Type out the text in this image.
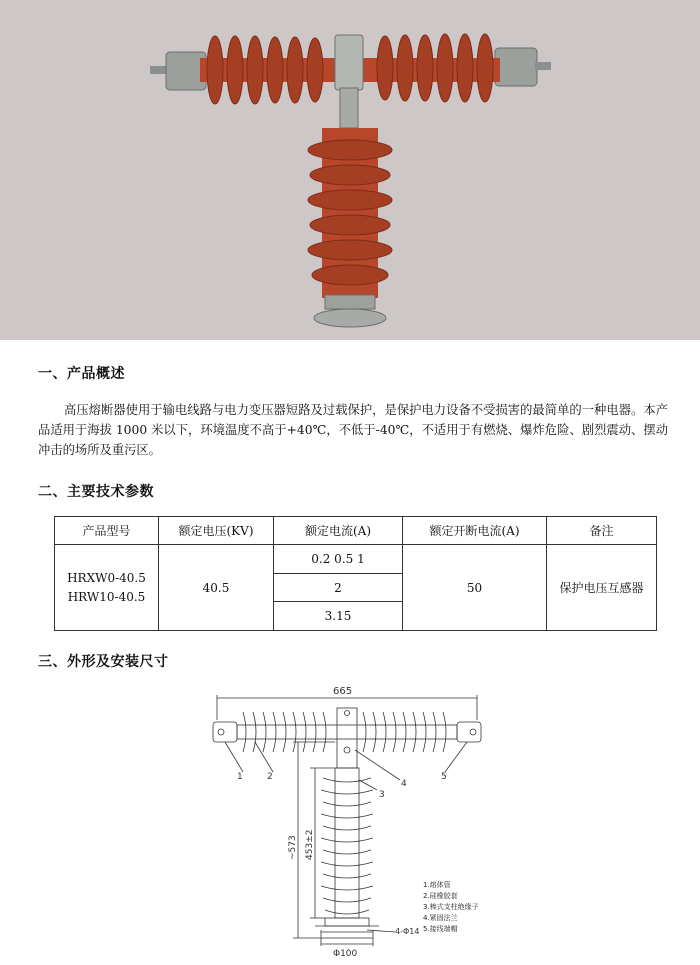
一、产品概述

高压熔断器使用于输电线路与电力变压器短路及过载保护，是保护电力设备不受损害的最简单的一种电器。本产品适用于海拔 1000 米以下，环境温度不高于+40℃，不低于-40℃，不适用于有燃烧、爆炸危险、剧烈震动、摆动冲击的场所及重污区。

二、主要技术参数
产品型号	额定电压(KV)	额定电流(A)	额定开断电流(A)	备注

HRXW0-40.5
HRW10-40.5	40.5	0.2 0.5 1	50	保护电压互感器
		2		
		3.15		
三、外形及安装尺寸
665
1	2
3
4
5
~573 453±2
4-Φ14
Φ100
1.熔体管
2.硅橡胶套
3.棒式支柱绝缘子
4.紧固法兰
5.接线端帽
